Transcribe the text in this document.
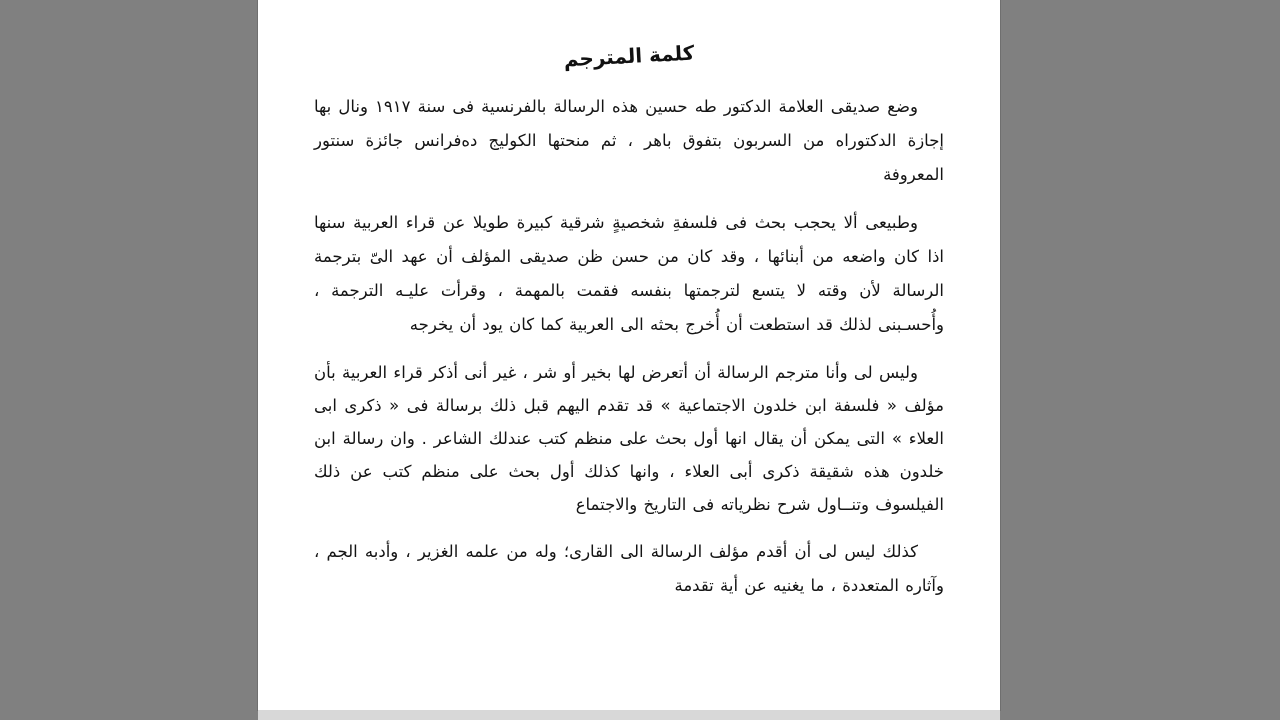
كلمة المترجم

وضع صديقى العلامة الدكتور طه حسين هذه الرسالة بالفرنسية فى سنة ١٩١٧ ونال بها إجازة الدكتوراه من السربون بتفوق باهر ، ثم منحتها الكوليج دەفرانس جائزة سنتور المعروفة

وطبيعى ألا يحجب بحث فى فلسفةِ شخصيةٍ شرقية كبيرة طويلا عن قراء العربية سنها اذا كان واضعه من أبنائها ، وقد كان من حسن ظن صديقى المؤلف أن عهد الىّ بترجمة الرسالة لأن وقته لا يتسع لترجمتها بنفسه فقمت بالمهمة ، وقرأت عليـه الترجمة ، وأُحسـبنى لذلك قد استطعت أن أُخرج بحثه الى العربية كما كان يود أن يخرجه

وليس لى وأنا مترجم الرسالة أن أتعرض لها بخير أو شر ، غير أنى أذكر قراء العربية بأن مؤلف « فلسفة ابن خلدون الاجتماعية » قد تقدم اليهم قبل ذلك برسالة فى « ذكرى ابى العلاء » التى يمكن أن يقال انها أول بحث على منظم كتب عندلك الشاعر . وان رسالة ابن خلدون هذه شقيقة ذكرى أبى العلاء ، وانها كذلك أول بحث على منظم كتب عن ذلك الفيلسوف وتنــاول شرح نظرياته فى التاريخ والاجتماع

كذلك ليس لى أن أقدم مؤلف الرسالة الى القارى؛ وله من علمه الغزير ، وأدبه الجم ، وآثاره المتعددة ، ما يغنيه عن أية تقدمة
